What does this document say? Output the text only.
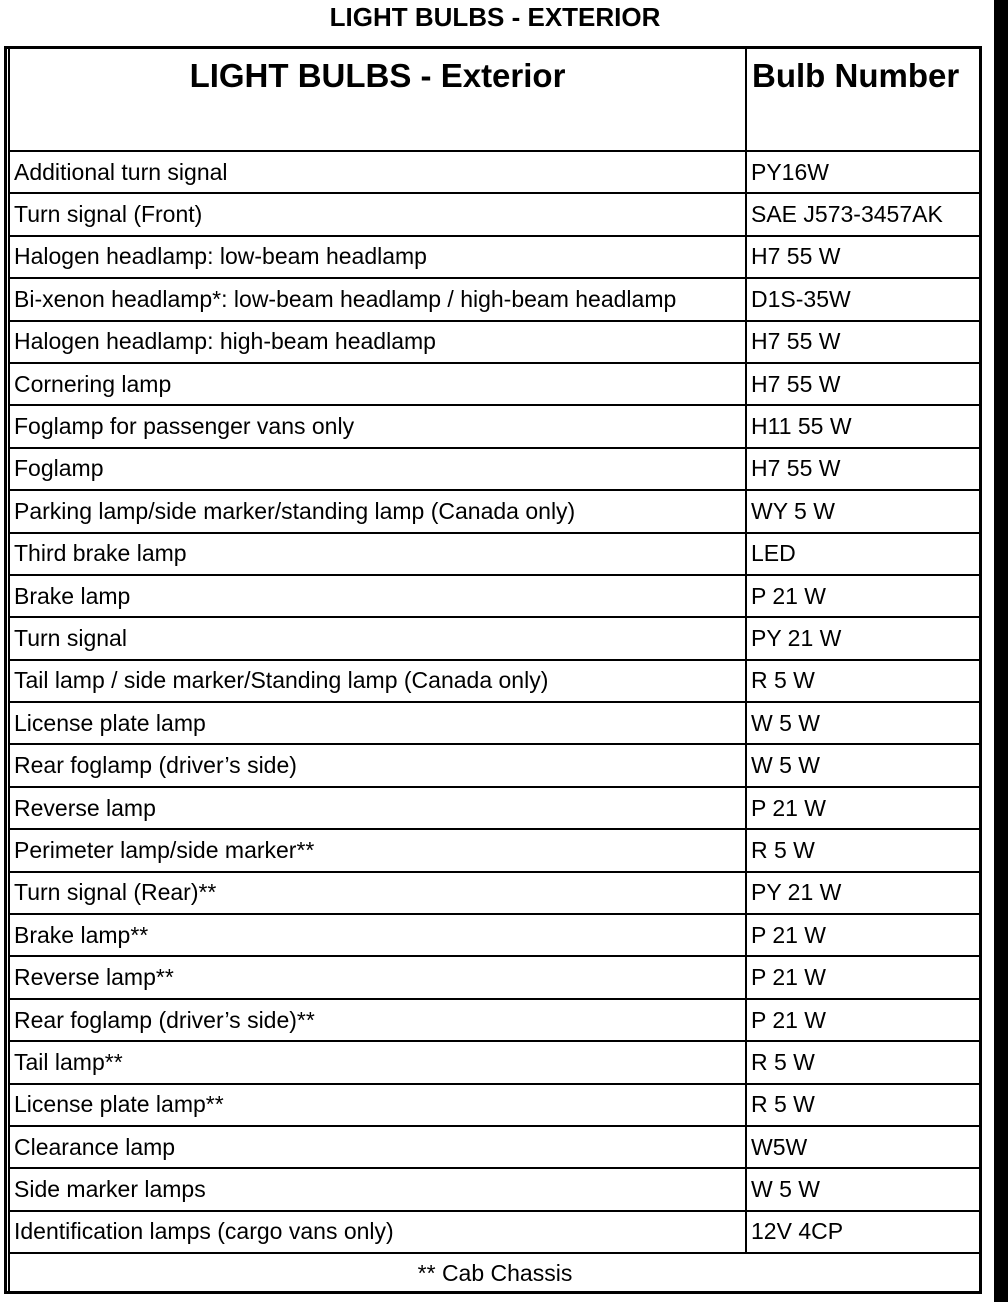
LIGHT BULBS - EXTERIOR
LIGHT BULBS - Exterior	Bulb Number
Additional turn signal	PY16W
Turn signal (Front)	SAE J573-3457AK
Halogen headlamp: low-beam headlamp	H7 55 W
Bi-xenon headlamp*: low-beam headlamp / high-beam headlamp	D1S-35W
Halogen headlamp: high-beam headlamp	H7 55 W
Cornering lamp	H7 55 W
Foglamp for passenger vans only	H11 55 W
Foglamp	H7 55 W
Parking lamp/side marker/standing lamp (Canada only)	WY 5 W
Third brake lamp	LED
Brake lamp	P 21 W
Turn signal	PY 21 W
Tail lamp / side marker/Standing lamp (Canada only)	R 5 W
License plate lamp	W 5 W
Rear foglamp (driver’s side)	W 5 W
Reverse lamp	P 21 W
Perimeter lamp/side marker**	R 5 W
Turn signal (Rear)**	PY 21 W
Brake lamp**	P 21 W
Reverse lamp**	P 21 W
Rear foglamp (driver’s side)**	P 21 W
Tail lamp**	R 5 W
License plate lamp**	R 5 W
Clearance lamp	W5W
Side marker lamps	W 5 W
Identification lamps (cargo vans only)	12V 4CP
** Cab Chassis	
